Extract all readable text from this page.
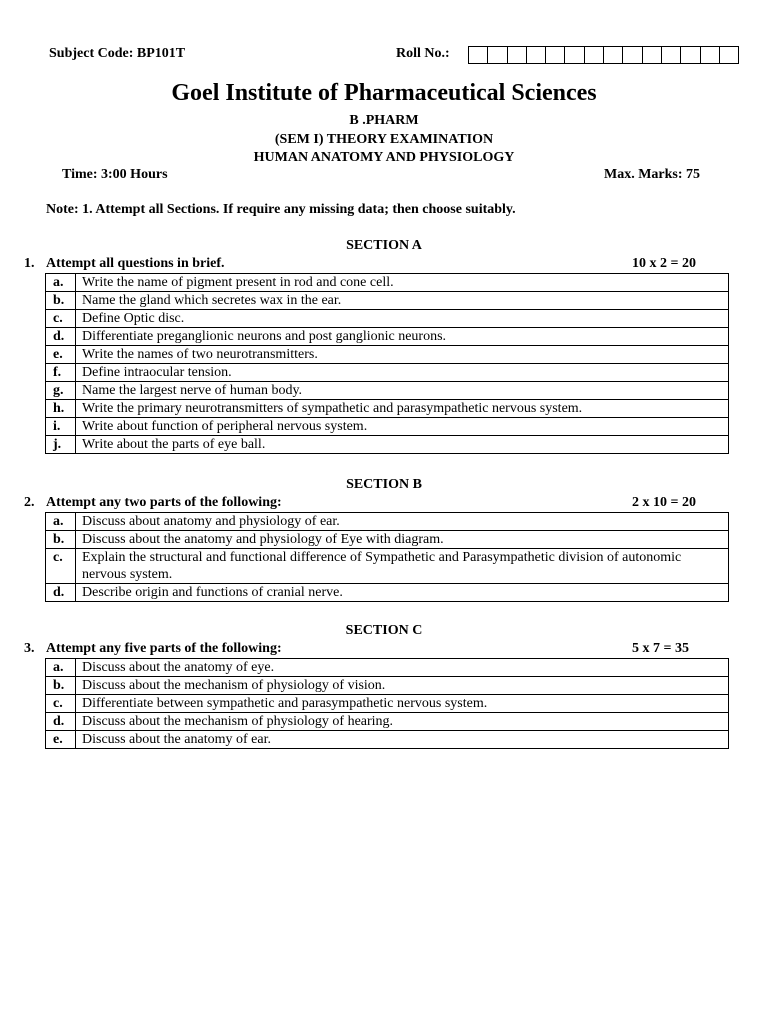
Subject Code: BP101T	Roll No.:
Goel Institute of Pharmaceutical Sciences
B .PHARM
(SEM I) THEORY EXAMINATION
HUMAN ANATOMY AND PHYSIOLOGY
Time: 3:00 Hours	Max. Marks: 75
Note: 1. Attempt all Sections. If require any missing data; then choose suitably.
SECTION A
1. Attempt all questions in brief.	10 x 2 = 20
a.	Write the name of pigment present in rod and cone cell.
b.	Name the gland which secretes wax in the ear.
c.	Define Optic disc.
d.	Differentiate preganglionic neurons and post ganglionic neurons.
e.	Write the names of two neurotransmitters.
f.	Define intraocular tension.
g.	Name the largest nerve of human body.
h.	Write the primary neurotransmitters of sympathetic and parasympathetic nervous system.
i.	Write about function of peripheral nervous system.
j.	Write about the parts of eye ball.
SECTION B
2. Attempt any two parts of the following:	2 x 10 = 20
a.	Discuss about anatomy and physiology of ear.
b.	Discuss about the anatomy and physiology of Eye with diagram.
c.	Explain the structural and functional difference of Sympathetic and Parasympathetic division of autonomic nervous system.
d.	Describe origin and functions of cranial nerve.
SECTION C
3. Attempt any five parts of the following:	5 x 7 = 35
a.	Discuss about the anatomy of eye.
b.	Discuss about the mechanism of physiology of vision.
c.	Differentiate between sympathetic and parasympathetic nervous system.
d.	Discuss about the mechanism of physiology of hearing.
e.	Discuss about the anatomy of ear.
